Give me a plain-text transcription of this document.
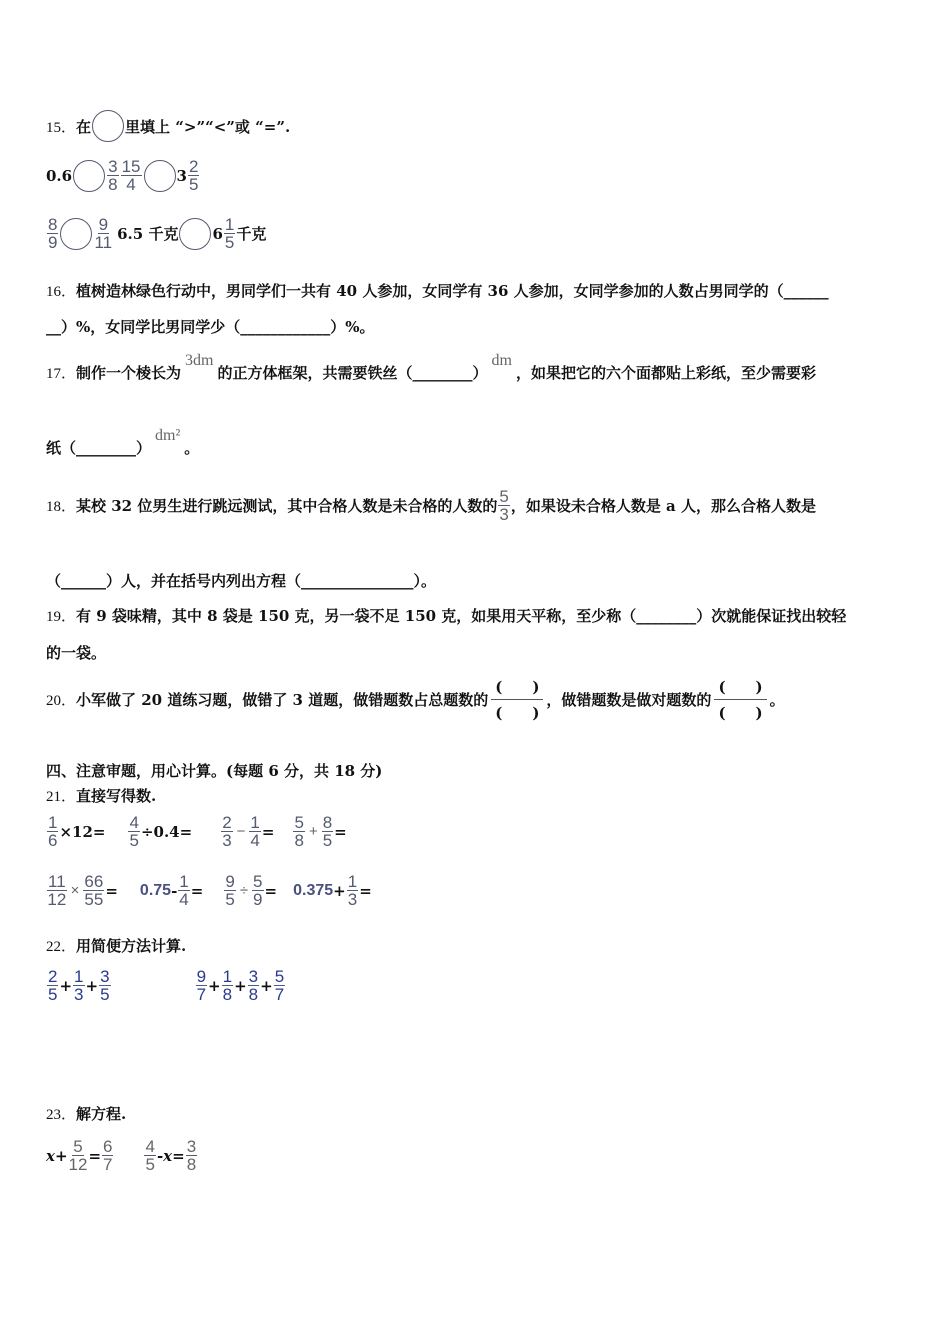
15． 在 里填上 “>”“<”或 “=”.
$0.6 \frac{3}{8} \frac{15}{4} 3 \frac{2}{5}$
$\frac{8}{9} \frac{9}{11} 6.5$ 千克 $6 \frac{1}{5}$ 千克
16． 植树造林绿色行动中，男同学们一共有 40 人参加，女同学有 36 人参加，女同学参加的人数占男同学的（______
__）%，女同学比男同学少（____________）%。
17． 制作一个棱长为
3dm
的正方体框架，共需要铁丝（________）
dm
，如果把它的六个面都贴上彩纸，至少需要彩
纸（________）
dm²
。
18． 某校 32 位男生进行跳远测试，其中合格人数是未合格的人数的 $\frac{5}{3}$ ，如果设未合格人数是 a 人，那么合格人数是
（______）人，并在括号内列出方程（_______________）。
19． 有 9 袋味精，其中 8 袋是 150 克，另一袋不足 150 克，如果用天平称，至少称（________）次就能保证找出较轻
的一袋。
20． 小军做了 20 道练习题，做错了 3 道题，做错题数占总题数的
(　　)
(　　)
，做错题数是做对题数的
(　　)
(　　)
。
四、注意审题，用心计算。(每题 6 分，共 18 分)
21． 直接写得数.
$\frac{1}{6} \times 12= \frac{4}{5} \div 0.4= \frac{2}{3} - \frac{1}{4} = \frac{5}{8} + \frac{8}{5}$ =
$\frac{11}{12} \times \frac{66}{55} = 0.75 - \frac{1}{4} = \frac{9}{5} \div \frac{5}{9} = 0.375 + \frac{1}{3}$ =
22． 用简便方法计算.
$\frac{2}{5} + \frac{1}{3} + \frac{3}{5}$	$\frac{9}{7} + \frac{1}{8} + \frac{3}{8} + \frac{5}{7}$
23． 解方程.
$x+ \frac{5}{12} = \frac{6}{7} \frac{4}{5} -x= \frac{3}{8}$
